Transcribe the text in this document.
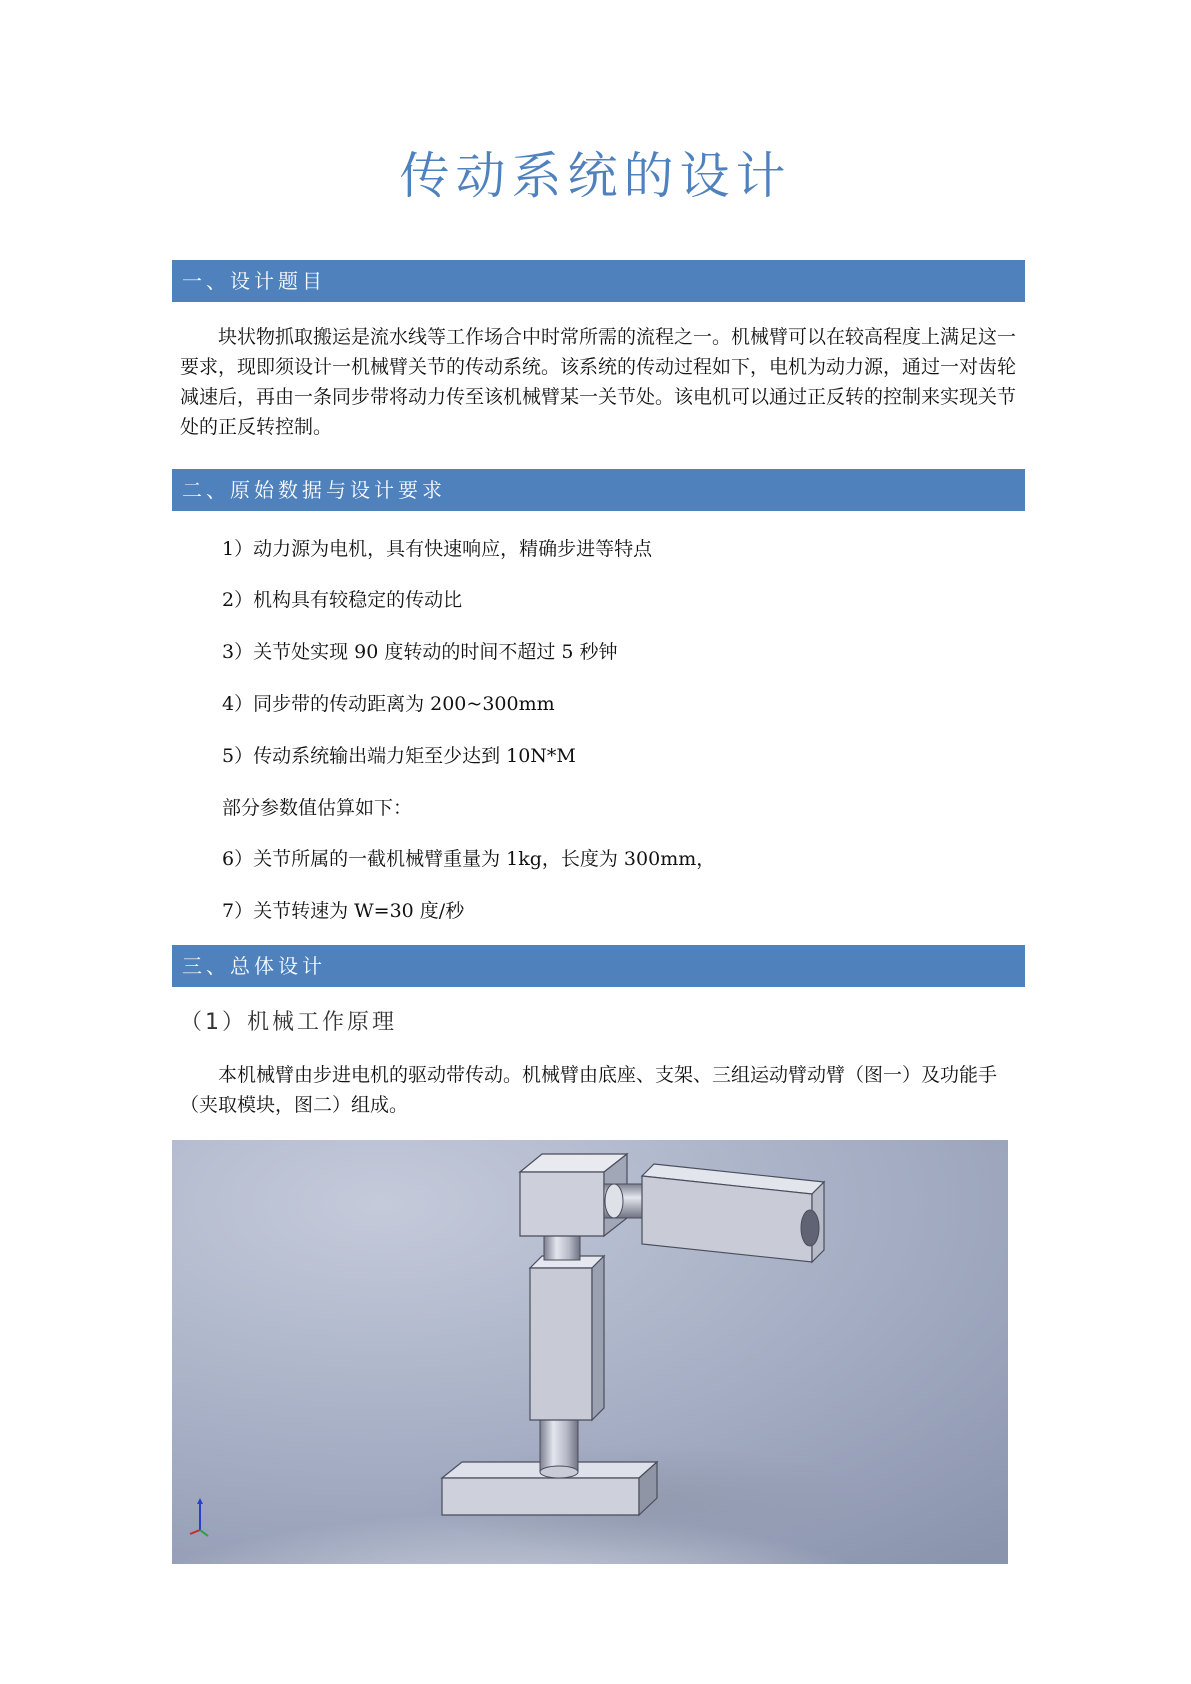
传动系统的设计
一、设计题目

块状物抓取搬运是流水线等工作场合中时常所需的流程之一。机械臂可以在较高程度上满足这一要求，现即须设计一机械臂关节的传动系统。该系统的传动过程如下，电机为动力源，通过一对齿轮减速后，再由一条同步带将动力传至该机械臂某一关节处。该电机可以通过正反转的控制来实现关节处的正反转控制。

二、原始数据与设计要求

1）动力源为电机，具有快速响应，精确步进等特点

2）机构具有较稳定的传动比

3）关节处实现 90 度转动的时间不超过 5 秒钟

4）同步带的传动距离为 200~300mm

5）传动系统输出端力矩至少达到 10N*M

部分参数值估算如下：

6）关节所属的一截机械臂重量为 1kg，长度为 300mm，

7）关节转速为 W=30 度/秒

三、总体设计
（1）机械工作原理

本机械臂由步进电机的驱动带传动。机械臂由底座、支架、三组运动臂动臂（图一）及功能手（夹取模块，图二）组成。
